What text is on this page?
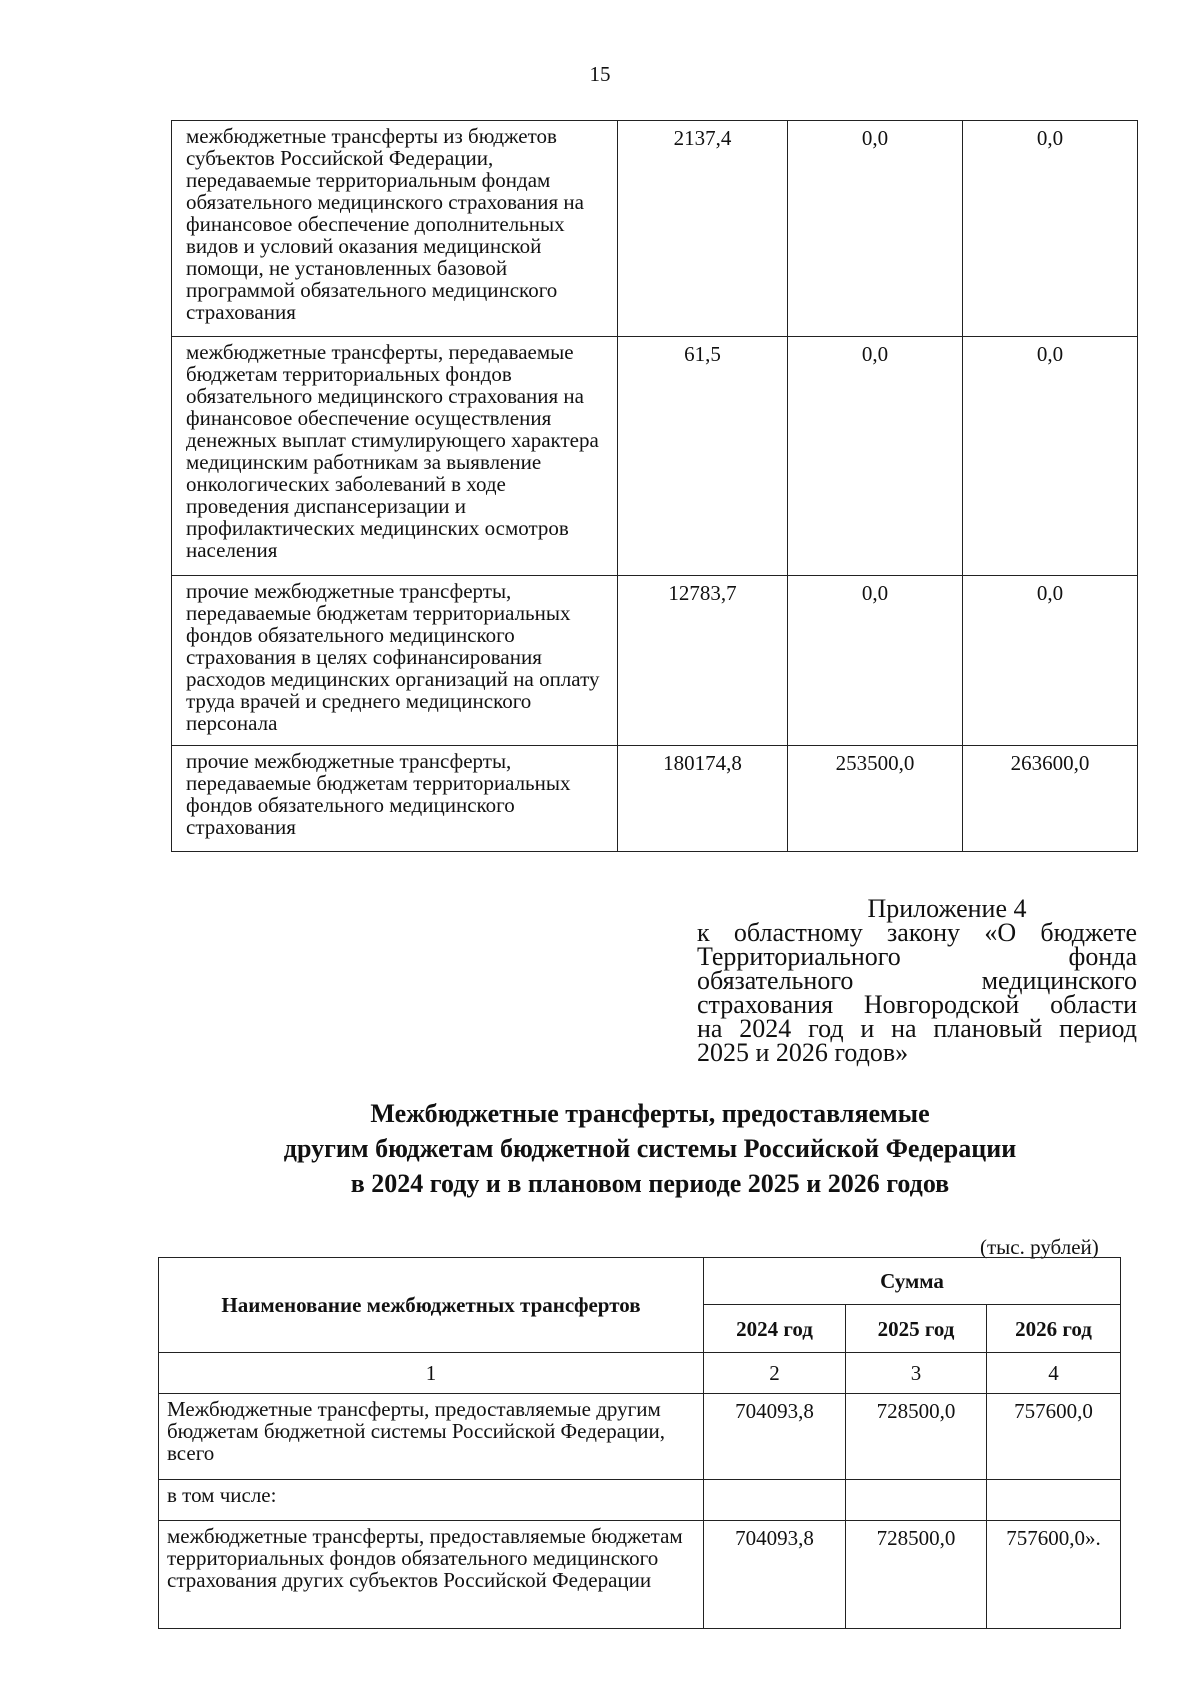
15
межбюджетные трансферты из бюджетов субъектов Российской Федерации, передаваемые территориальным фондам обязательного медицинского страхования на финансовое обеспечение дополнительных видов и условий оказания медицинской помощи, не установленных базовой программой обязательного медицинского страхования	2137,4	0,0	0,0
межбюджетные трансферты, передаваемые бюджетам территориальных фондов обязательного медицинского страхования на финансовое обеспечение осуществления денежных выплат стимулирующего характера медицинским работникам за выявление онкологических заболеваний в ходе проведения диспансеризации и профилактических медицинских осмотров населения	61,5	0,0	0,0
прочие межбюджетные трансферты, передаваемые бюджетам территориальных фондов обязательного медицинского страхования в целях софинансирования расходов медицинских организаций на оплату труда врачей и среднего медицинского персонала	12783,7	0,0	0,0
прочие межбюджетные трансферты, передаваемые бюджетам территориальных фондов обязательного медицинского страхования	180174,8	253500,0	263600,0
Приложение 4
к областному закону «О бюджете
Территориального фонда
обязательного медицинского
страхования Новгородской области
на 2024 год и на плановый период
2025 и 2026 годов»
Межбюджетные трансферты, предоставляемые
другим бюджетам бюджетной системы Российской Федерации
в 2024 году и в плановом периоде 2025 и 2026 годов
(тыс. рублей)
Наименование межбюджетных трансфертов	Сумма		
	2024 год	2025 год	2026 год
1	2	3	4
Межбюджетные трансферты, предоставляемые другим бюджетам бюджетной системы Российской Федерации, всего	704093,8	728500,0	757600,0
в том числе:			
межбюджетные трансферты, предоставляемые бюджетам территориальных фондов обязательного медицинского страхования других субъектов Российской Федерации	704093,8	728500,0	757600,0».
